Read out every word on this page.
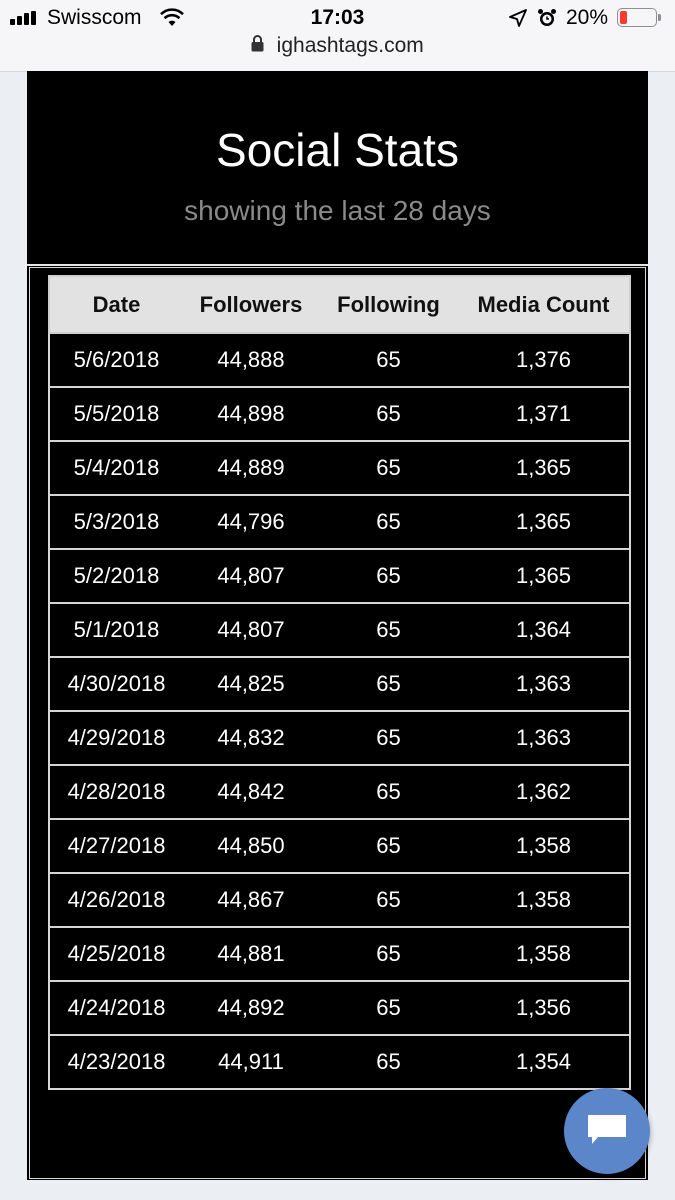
Swisscom	17:03	20%
ighashtags.com
Social Stats
showing the last 28 days
Date	Followers	Following	Media Count
5/6/2018	44,888	65	1,376
5/5/2018	44,898	65	1,371
5/4/2018	44,889	65	1,365
5/3/2018	44,796	65	1,365
5/2/2018	44,807	65	1,365
5/1/2018	44,807	65	1,364
4/30/2018	44,825	65	1,363
4/29/2018	44,832	65	1,363
4/28/2018	44,842	65	1,362
4/27/2018	44,850	65	1,358
4/26/2018	44,867	65	1,358
4/25/2018	44,881	65	1,358
4/24/2018	44,892	65	1,356
4/23/2018	44,911	65	1,354
